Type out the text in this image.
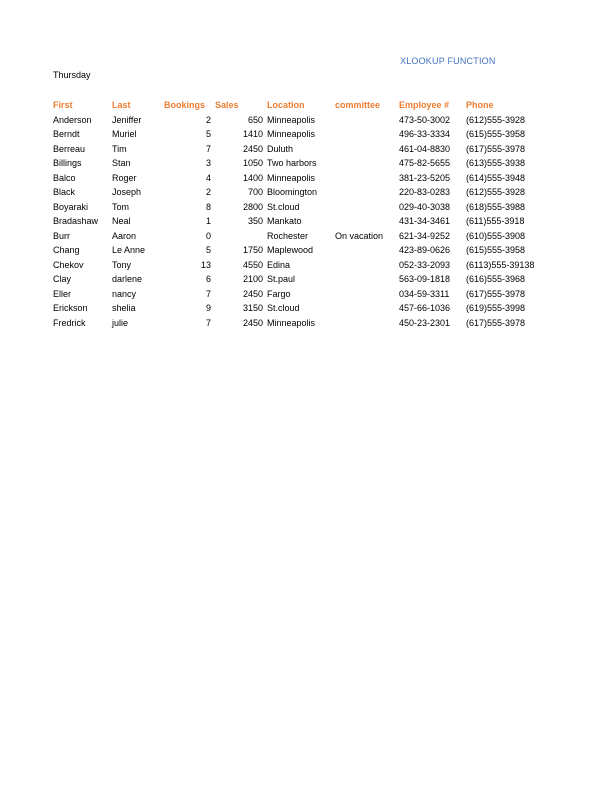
XLOOKUP FUNCTION
Thursday
First	Last	Bookings Sales	Location	committee Employee # Phone
Anderson Jeniffer	2	650 Minneapolis	473-50-3002 (612)555-3928
Berndt	Muriel	5	1410 Minneapolis	496-33-3334 (615)555-3958
Berreau	Tim	7	2450 Duluth	461-04-8830 (617)555-3978
Billings	Stan	3	1050 Two harbors	475-82-5655 (613)555-3938
Balco	Roger	4	1400 Minneapolis	381-23-5205 (614)555-3948
Black	Joseph	2	700 Bloomington	220-83-0283 (612)555-3928
Boyaraki	Tom	8	2800 St.cloud	029-40-3038 (618)555-3988
Bradashaw Neal	1	350 Mankato	431-34-3461 (611)555-3918
Burr	Aaron	0	Rochester	On vacation 621-34-9252 (610)555-3908
Chang	Le Anne	5	1750 Maplewood	423-89-0626 (615)555-3958
Chekov	Tony	13	4550 Edina	052-33-2093 (6113)555-39138
Clay	darlene	6	2100 St.paul	563-09-1818 (616)555-3968
Eller	nancy	7	2450 Fargo	034-59-3311 (617)555-3978
Erickson	shelia	9	3150 St.cloud	457-66-1036 (619)555-3998
Fredrick	julie	7	2450 Minneapolis	450-23-2301 (617)555-3978
